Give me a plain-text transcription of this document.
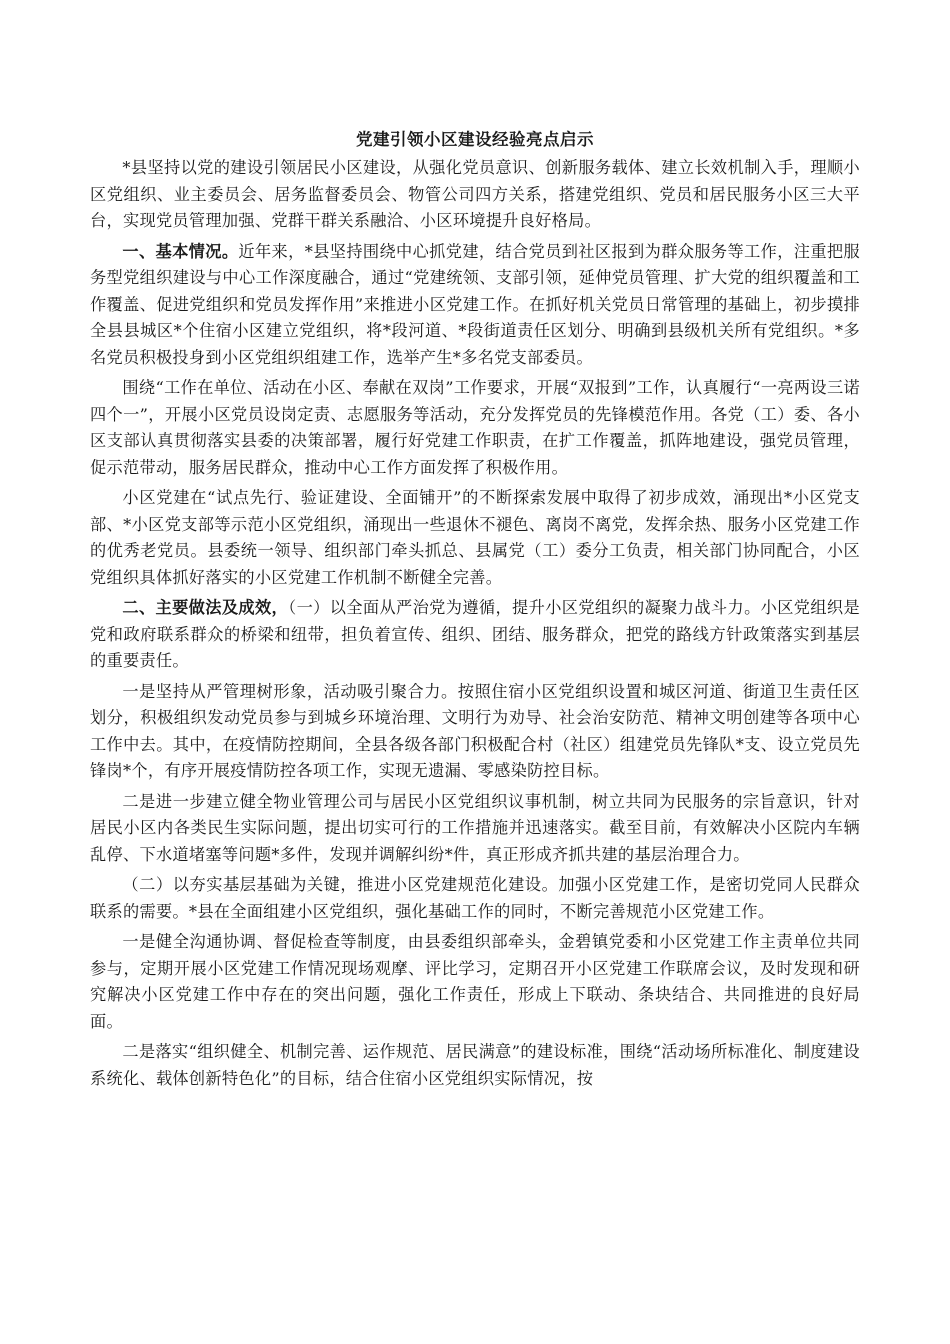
党建引领小区建设经验亮点启示

*县坚持以党的建设引领居民小区建设，从强化党员意识、创新服务载体、建立长效机制入手，理顺小区党组织、业主委员会、居务监督委员会、物管公司四方关系，搭建党组织、党员和居民服务小区三大平台，实现党员管理加强、党群干群关系融洽、小区环境提升良好格局。

一、基本情况。近年来，*县坚持围绕中心抓党建，结合党员到社区报到为群众服务等工作，注重把服务型党组织建设与中心工作深度融合，通过“党建统领、支部引领，延伸党员管理、扩大党的组织覆盖和工作覆盖、促进党组织和党员发挥作用”来推进小区党建工作。在抓好机关党员日常管理的基础上，初步摸排全县县城区*个住宿小区建立党组织，将*段河道、*段街道责任区划分、明确到县级机关所有党组织。*多名党员积极投身到小区党组织组建工作，选举产生*多名党支部委员。

围绕“工作在单位、活动在小区、奉献在双岗”工作要求，开展“双报到”工作，认真履行“一亮两设三诺四个一”，开展小区党员设岗定责、志愿服务等活动，充分发挥党员的先锋模范作用。各党（工）委、各小区支部认真贯彻落实县委的决策部署，履行好党建工作职责，在扩工作覆盖，抓阵地建设，强党员管理，促示范带动，服务居民群众，推动中心工作方面发挥了积极作用。

小区党建在“试点先行、验证建设、全面铺开”的不断探索发展中取得了初步成效，涌现出*小区党支部、*小区党支部等示范小区党组织，涌现出一些退休不褪色、离岗不离党，发挥余热、服务小区党建工作的优秀老党员。县委统一领导、组织部门牵头抓总、县属党（工）委分工负责，相关部门协同配合，小区党组织具体抓好落实的小区党建工作机制不断健全完善。

二、主要做法及成效，（一）以全面从严治党为遵循，提升小区党组织的凝聚力战斗力。小区党组织是党和政府联系群众的桥梁和纽带，担负着宣传、组织、团结、服务群众，把党的路线方针政策落实到基层的重要责任。

一是坚持从严管理树形象，活动吸引聚合力。按照住宿小区党组织设置和城区河道、街道卫生责任区划分，积极组织发动党员参与到城乡环境治理、文明行为劝导、社会治安防范、精神文明创建等各项中心工作中去。其中，在疫情防控期间，全县各级各部门积极配合村（社区）组建党员先锋队*支、设立党员先锋岗*个，有序开展疫情防控各项工作，实现无遗漏、零感染防控目标。

二是进一步建立健全物业管理公司与居民小区党组织议事机制，树立共同为民服务的宗旨意识，针对居民小区内各类民生实际问题，提出切实可行的工作措施并迅速落实。截至目前，有效解决小区院内车辆乱停、下水道堵塞等问题*多件，发现并调解纠纷*件，真正形成齐抓共建的基层治理合力。

（二）以夯实基层基础为关键，推进小区党建规范化建设。加强小区党建工作，是密切党同人民群众联系的需要。*县在全面组建小区党组织，强化基础工作的同时，不断完善规范小区党建工作。

一是健全沟通协调、督促检查等制度，由县委组织部牵头，金碧镇党委和小区党建工作主责单位共同参与，定期开展小区党建工作情况现场观摩、评比学习，定期召开小区党建工作联席会议，及时发现和研究解决小区党建工作中存在的突出问题，强化工作责任，形成上下联动、条块结合、共同推进的良好局面。

二是落实“组织健全、机制完善、运作规范、居民满意”的建设标准，围绕“活动场所标准化、制度建设系统化、载体创新特色化”的目标，结合住宿小区党组织实际情况，按
